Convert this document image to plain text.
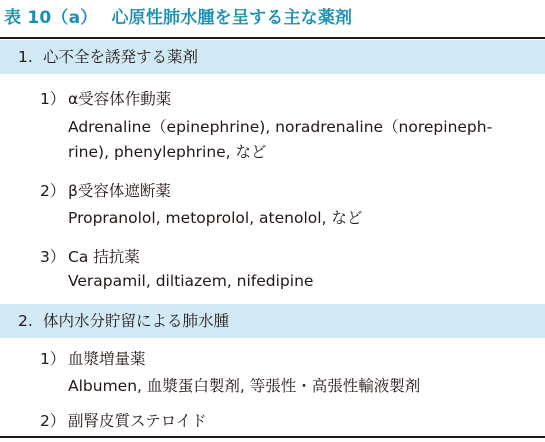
表 10（a） 心原性肺水腫を呈する主な薬剤
1. 心不全を誘発する薬剤
1） α受容体作動薬
Adrenaline（epinephrine), noradrenaline（norepineph-
rine), phenylephrine, など
2） β受容体遮断薬
Propranolol, metoprolol, atenolol, など
3） Ca 拮抗薬
Verapamil, diltiazem, nifedipine
2. 体内水分貯留による肺水腫
1） 血漿増量薬
Albumen, 血漿蛋白製剤, 等張性・高張性輸液製剤
2） 副腎皮質ステロイド
